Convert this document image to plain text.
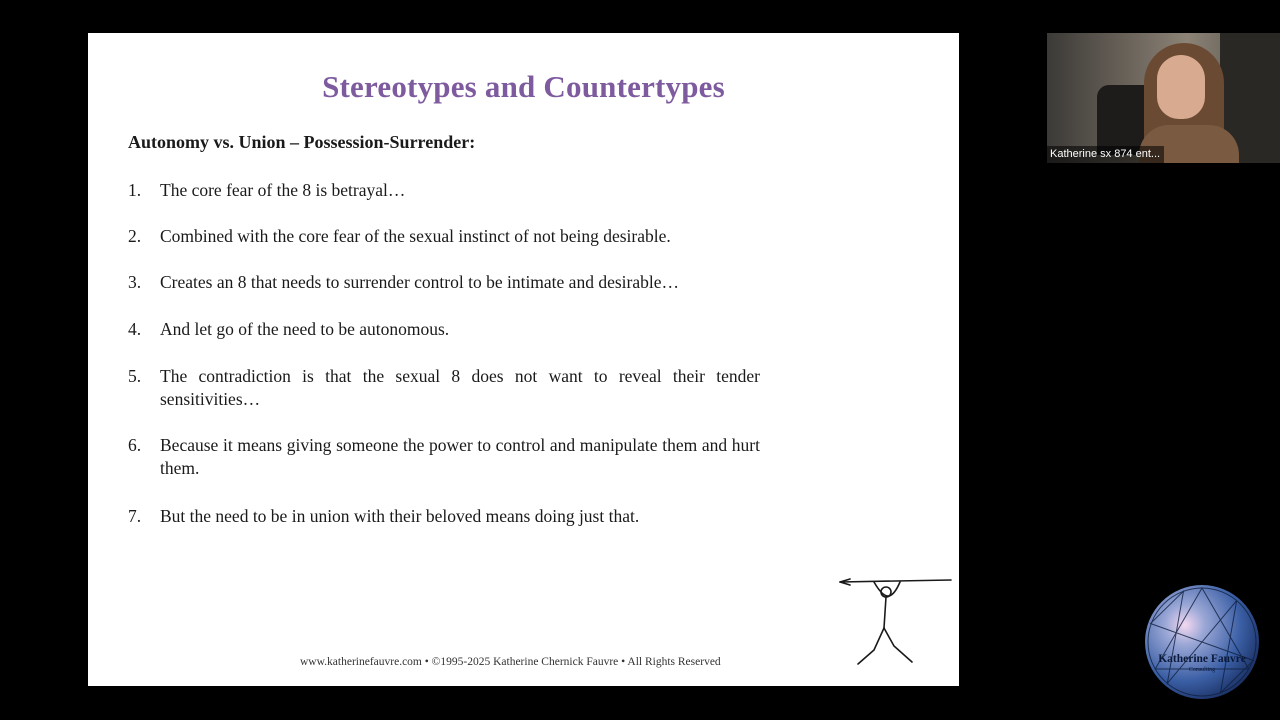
Stereotypes and Countertypes
Autonomy vs. Union – Possession-Surrender:
1. The core fear of the 8 is betrayal…
2. Combined with the core fear of the sexual instinct of not being desirable.
3. Creates an 8 that needs to surrender control to be intimate and desirable…
4. And let go of the need to be autonomous.
5. The contradiction is that the sexual 8 does not want to reveal their tender sensitivities…
6. Because it means giving someone the power to control and manipulate them and hurt them.
7. But the need to be in union with their beloved means doing just that.
www.katherinefauvre.com • ©1995-2025 Katherine Chernick Fauvre • All Rights Reserved
Katherine sx 874 ent...
Katherine Fauvre
Consulting
